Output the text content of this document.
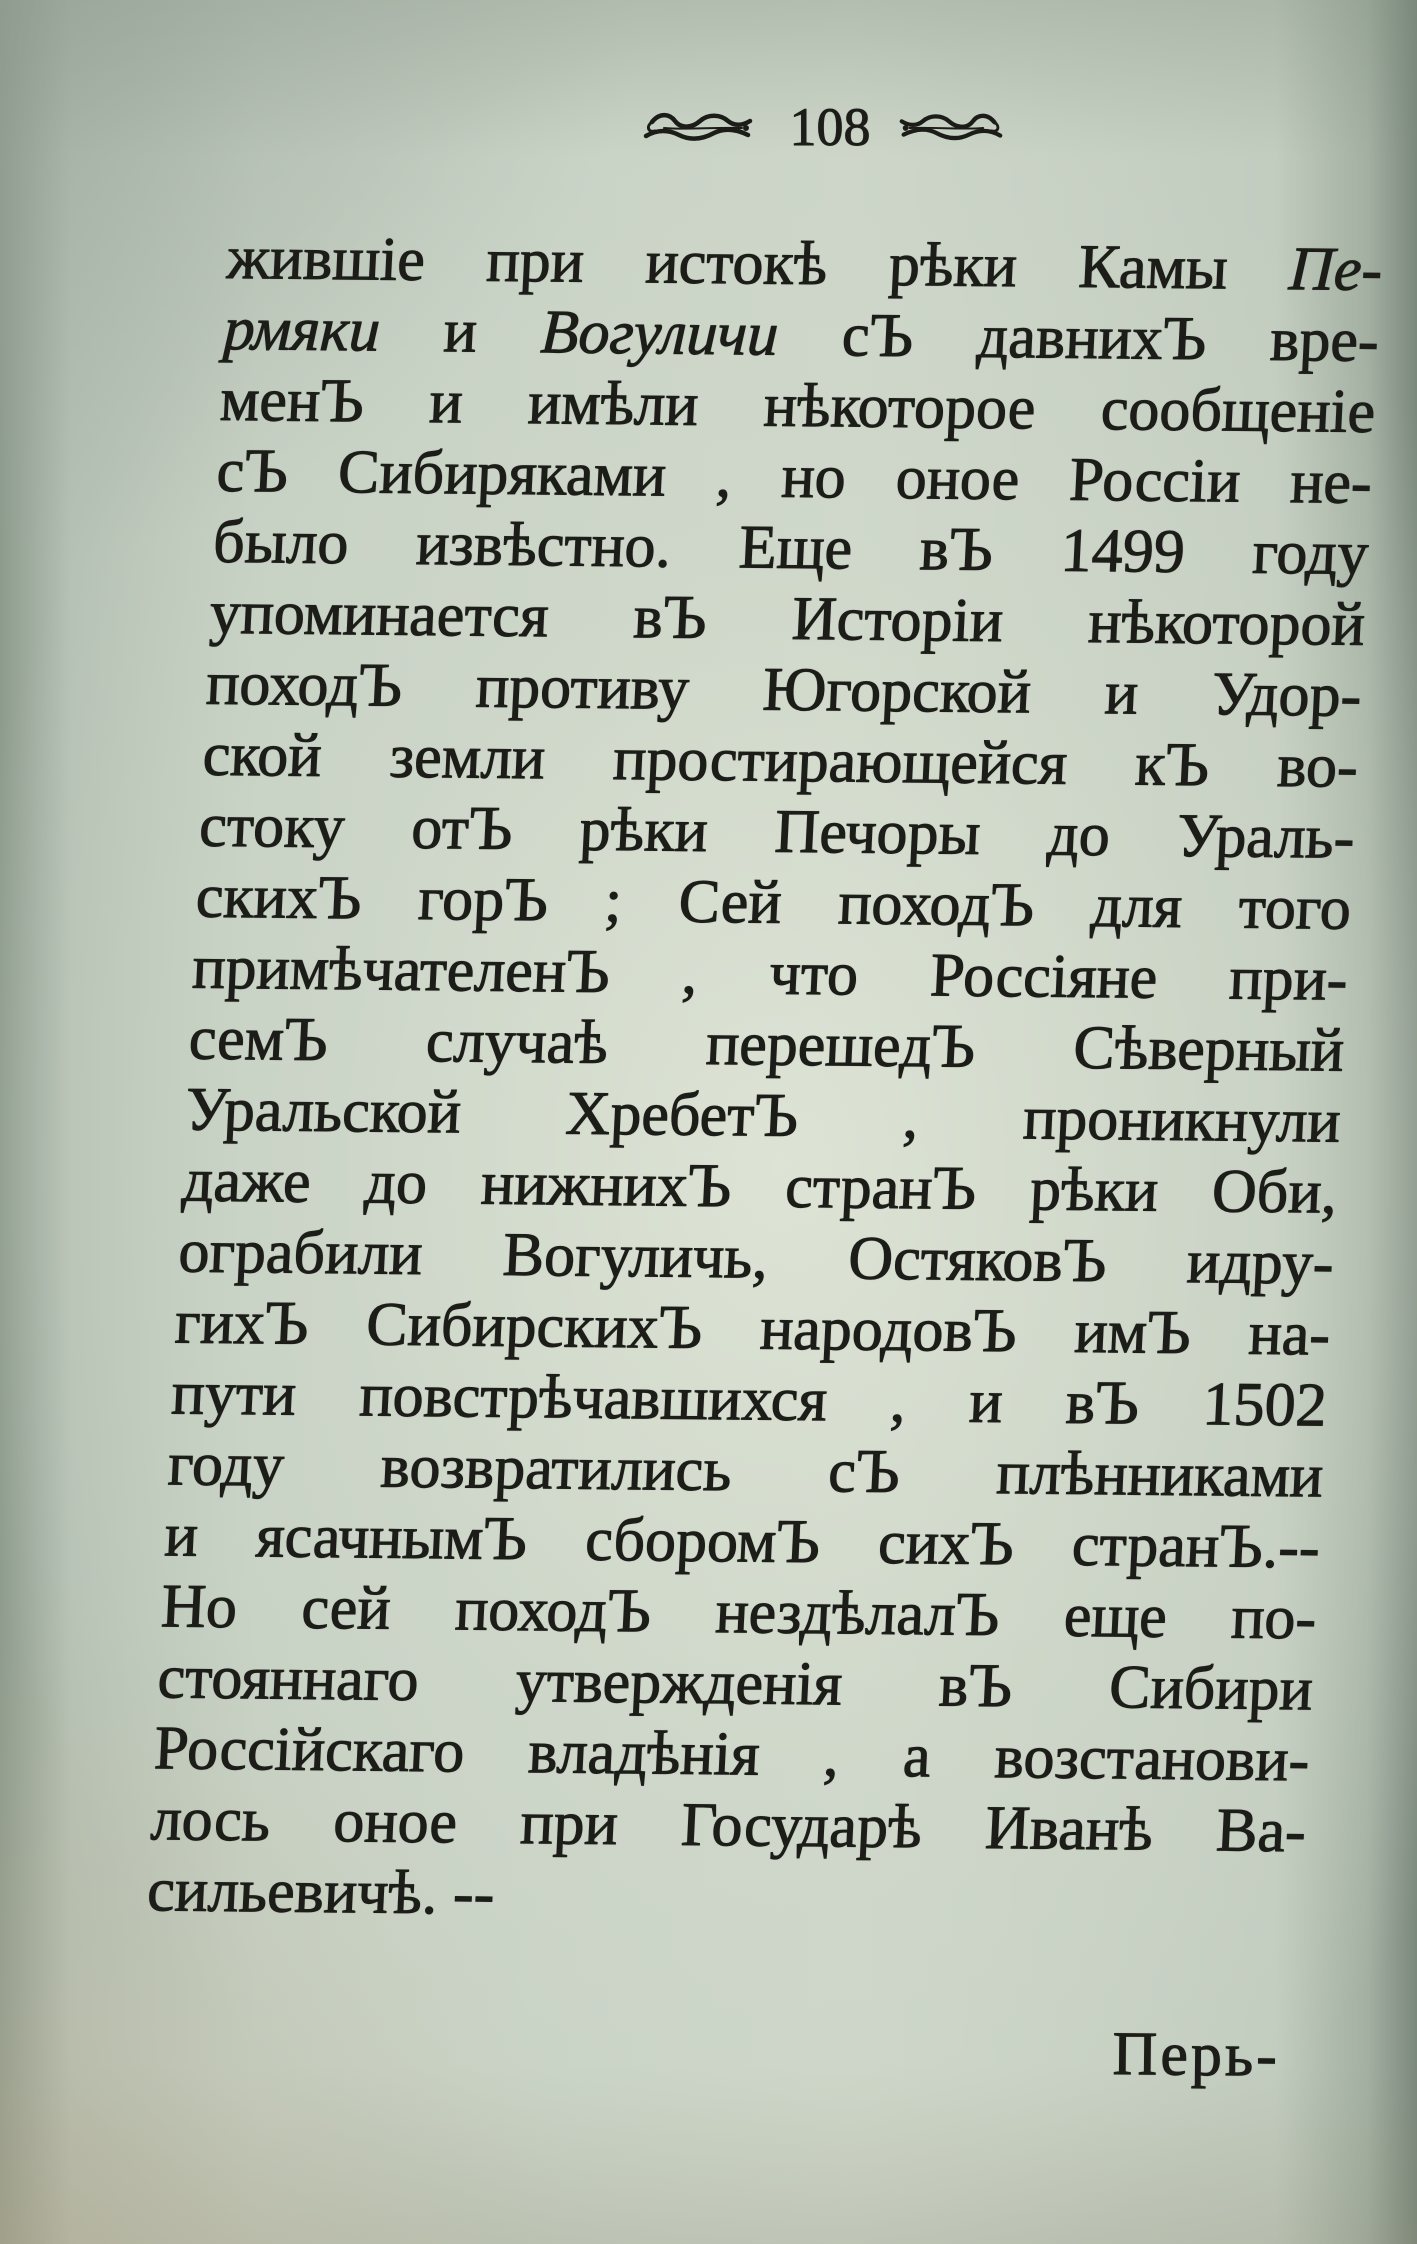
108
жившіе при истокѣ рѣки Камы Пе-
рмяки и Вогуличи сЪ давнихЪ вре-
менЪ и имѣли нѣкоторое сообщеніе
сЪ Сибиряками , но оное Россіи не-
было извѣстно. Еще вЪ 1499 году
упоминается вЪ Исторіи нѣкоторой
походЪ противу Югорской и Удор-
ской земли простирающейся кЪ во-
стоку отЪ рѣки Печоры до Ураль-
скихЪ горЪ ; Сей походЪ для того
примѣчателенЪ , что Россіяне при-
семЪ случаѣ перешедЪ Сѣверный
Уральской ХребетЪ , проникнули
даже до нижнихЪ странЪ рѣки Оби,
ограбили Вогуличь, ОстяковЪ идру-
гихЪ СибирскихЪ народовЪ имЪ на-
пути повстрѣчавшихся , и вЪ 1502
году возвратились сЪ плѣнниками
и ясачнымЪ сборомЪ сихЪ странЪ.--
Но сей походЪ нездѣлалЪ еще по-
стояннаго утвержденія вЪ Сибири
Россійскаго владѣнія , а возстанови-
лось оное при Государѣ Иванѣ Ва-
сильевичѣ. --
Перь-
